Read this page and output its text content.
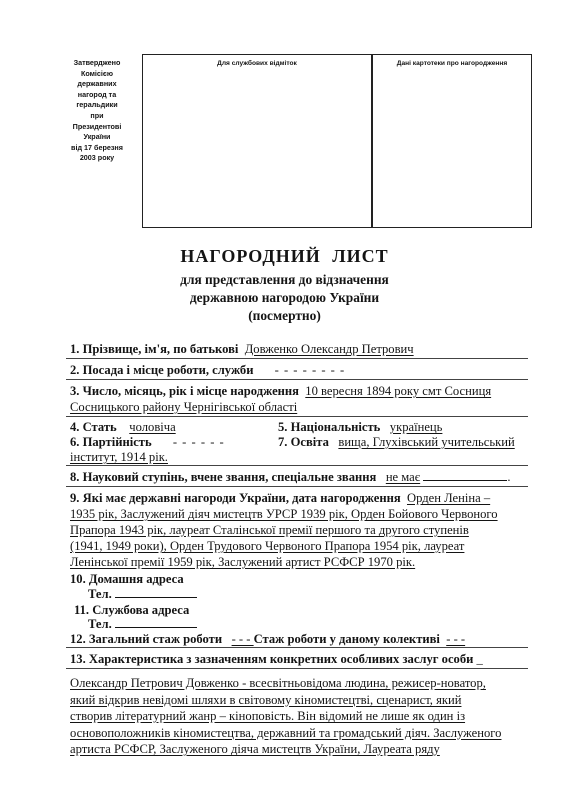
Затверджено
Комісією
державних
нагород та
геральдики
при
Президентові
України
від 17 березня
2003 року
Для службових відміток	Дані картотеки про нагородження
НАГОРОДНИЙ ЛИСТ
для представлення до відзначення
державною нагородою України
(посмертно)
1. Прізвище, ім'я, по батькові Довженко Олександр Петрович
2. Посада і місце роботи, служби - - - - - - - -
3. Число, місяць, рік і місце народження 10 вересня 1894 року смт Сосниця
Сосницького району Чернігівської області
4. Стать чоловіча	5. Національність українець
6. Партійність - - - - - -	7. Освіта вища, Глухівський учительський
інститут, 1914 рік.
8. Науковий ступінь, вчене звання, спеціальне звання не має	.
9. Які має державні нагороди України, дата нагородження Орден Леніна –
1935 рік, Заслужений діяч мистецтв УРСР 1939 рік, Орден Бойового Червоного
Прапора 1943 рік, лауреат Сталінської премії першого та другого ступенів
(1941, 1949 роки), Орден Трудового Червоного Прапора 1954 рік, лауреат
Ленінської премії 1959 рік, Заслужений артист РСФСР 1970 рік.
10. Домашня адреса
Тел.
11. Службова адреса
Тел.
12. Загальний стаж роботи - - - Стаж роботи у даному колективі - - -
13. Характеристика з зазначенням конкретних особливих заслуг особи _
Олександр Петрович Довженко - всесвітньовідома людина, режисер-новатор,
який відкрив невідомі шляхи в світовому кіномистецтві, сценарист, який
створив літературний жанр – кіноповість. Він відомий не лише як один із
основоположників кіномистецтва, державний та громадський діяч. Заслуженого
артиста РСФСР, Заслуженого діяча мистецтв України, Лауреата ряду
